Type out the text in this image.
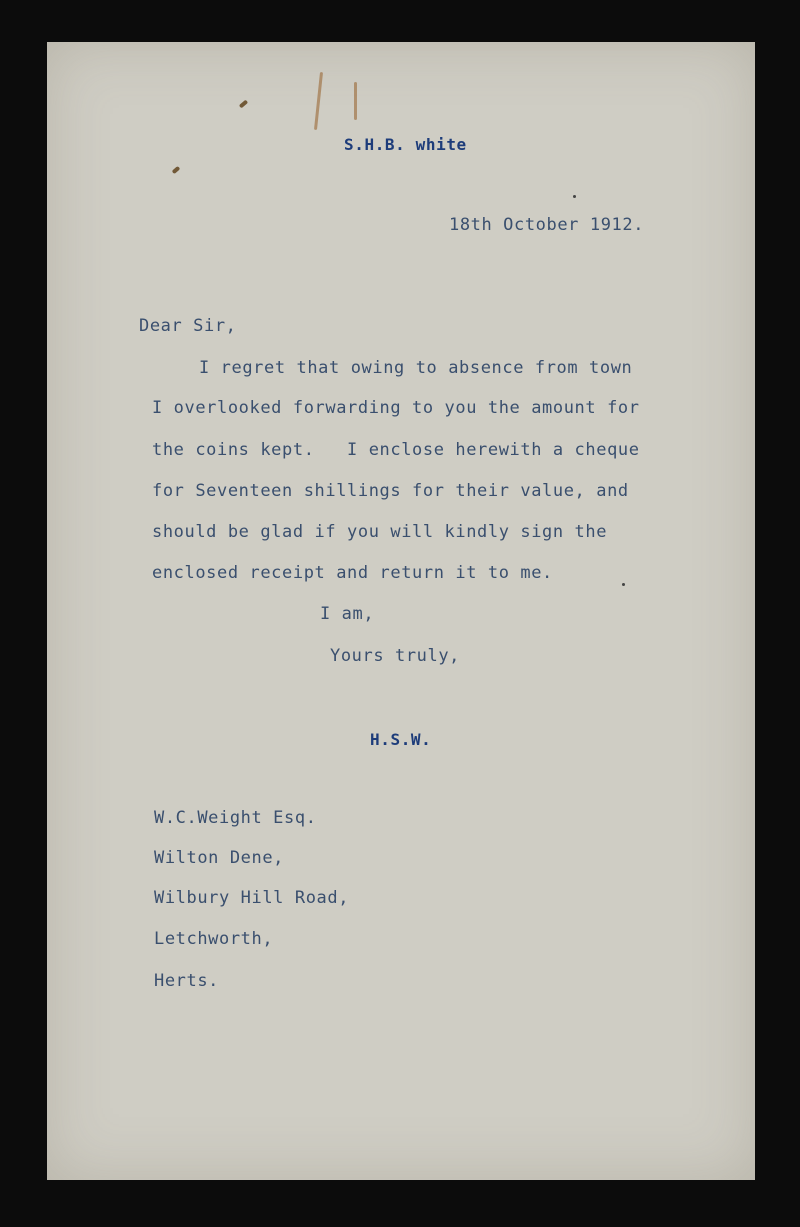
S.H.B. white
18th October 1912.
Dear Sir,
I regret that owing to absence from town
I overlooked forwarding to you the amount for
the coins kept.   I enclose herewith a cheque
for Seventeen shillings for their value, and
should be glad if you will kindly sign the
enclosed receipt and return it to me.
I am,
Yours truly,
H.S.W.
W.C.Weight Esq.
Wilton Dene,
Wilbury Hill Road,
Letchworth,
Herts.
